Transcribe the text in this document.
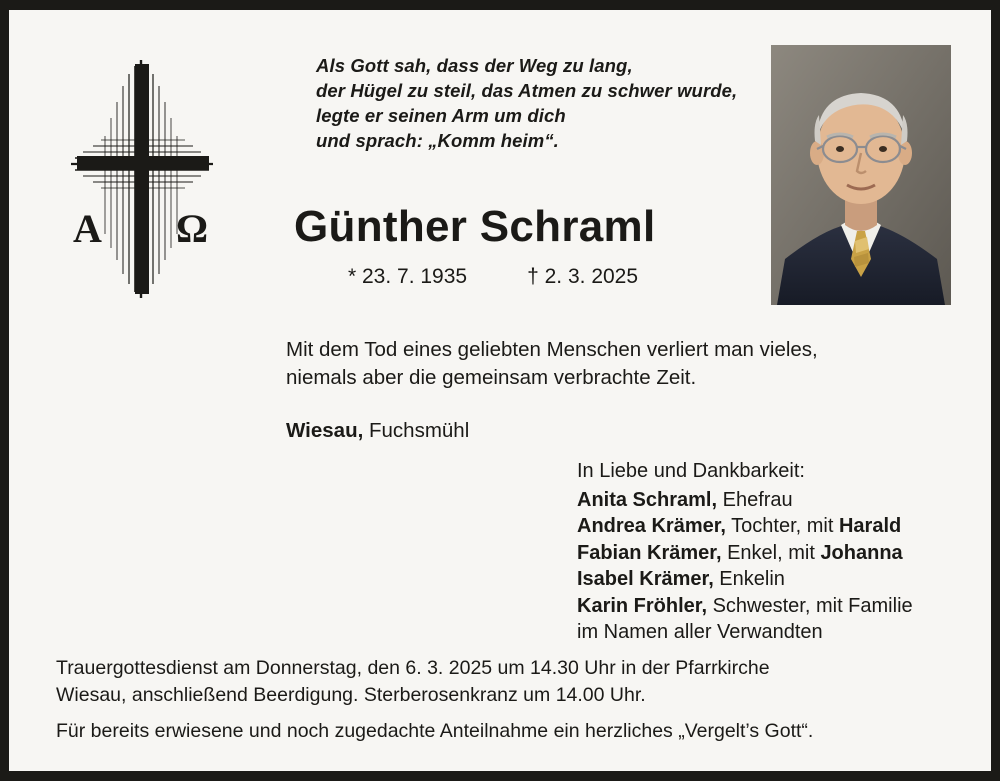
Α Ω
Als Gott sah, dass der Weg zu lang,
der Hügel zu steil, das Atmen zu schwer wurde,
legte er seinen Arm um dich
und sprach: „Komm heim“.
Günther Schraml
* 23. 7. 1935	† 2. 3. 2025
Mit dem Tod eines geliebten Menschen verliert man vieles,
niemals aber die gemeinsam verbrachte Zeit.
Wiesau, Fuchsmühl
In Liebe und Dankbarkeit:
Anita Schraml, Ehefrau
Andrea Krämer, Tochter, mit Harald
Fabian Krämer, Enkel, mit Johanna
Isabel Krämer, Enkelin
Karin Fröhler, Schwester, mit Familie
im Namen aller Verwandten
Trauergottesdienst am Donnerstag, den 6. 3. 2025 um 14.30 Uhr in der Pfarrkirche
Wiesau, anschließend Beerdigung. Sterberosenkranz um 14.00 Uhr.
Für bereits erwiesene und noch zugedachte Anteilnahme ein herzliches „Vergelt’s Gott“.
